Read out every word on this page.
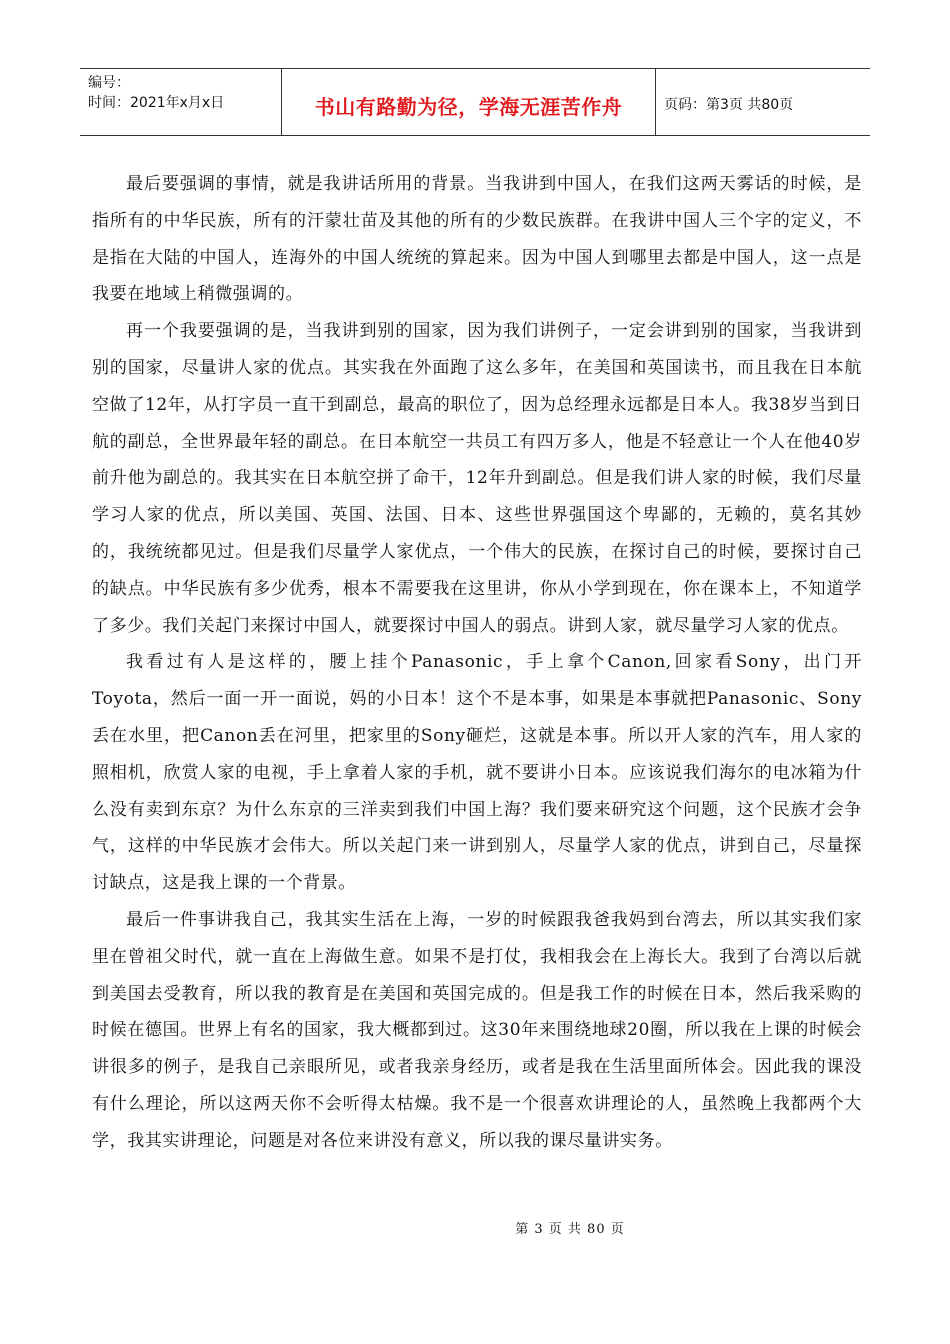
编号：
时间：2021年x月x日	书山有路勤为径，学海无涯苦作舟	页码：第3页 共80页

最后要强调的事情，就是我讲话所用的背景。当我讲到中国人，在我们这两天雾话的时候，是指所有的中华民族，所有的汗蒙壮苗及其他的所有的少数民族群。在我讲中国人三个字的定义，不是指在大陆的中国人，连海外的中国人统统的算起来。因为中国人到哪里去都是中国人，这一点是我要在地域上稍微强调的。

再一个我要强调的是，当我讲到别的国家，因为我们讲例子，一定会讲到别的国家，当我讲到别的国家，尽量讲人家的优点。其实我在外面跑了这么多年，在美国和英国读书，而且我在日本航空做了12年，从打字员一直干到副总，最高的职位了，因为总经理永远都是日本人。我38岁当到日航的副总，全世界最年轻的副总。在日本航空一共员工有四万多人，他是不轻意让一个人在他40岁前升他为副总的。我其实在日本航空拼了命干，12年升到副总。但是我们讲人家的时候，我们尽量学习人家的优点，所以美国、英国、法国、日本、这些世界强国这个卑鄙的，无赖的，莫名其妙的，我统统都见过。但是我们尽量学人家优点，一个伟大的民族，在探讨自己的时候，要探讨自己的缺点。中华民族有多少优秀，根本不需要我在这里讲，你从小学到现在，你在课本上，不知道学了多少。我们关起门来探讨中国人，就要探讨中国人的弱点。讲到人家，就尽量学习人家的优点。

我看过有人是这样的，腰上挂个Panasonic，手上拿个Canon,回家看Sony，出门开Toyota，然后一面一开一面说，妈的小日本！这个不是本事，如果是本事就把Panasonic、Sony丢在水里，把Canon丢在河里，把家里的Sony砸烂，这就是本事。所以开人家的汽车，用人家的照相机，欣赏人家的电视，手上拿着人家的手机，就不要讲小日本。应该说我们海尔的电冰箱为什么没有卖到东京？为什么东京的三洋卖到我们中国上海？我们要来研究这个问题，这个民族才会争气，这样的中华民族才会伟大。所以关起门来一讲到别人，尽量学人家的优点，讲到自己，尽量探讨缺点，这是我上课的一个背景。

最后一件事讲我自己，我其实生活在上海，一岁的时候跟我爸我妈到台湾去，所以其实我们家里在曾祖父时代，就一直在上海做生意。如果不是打仗，我相我会在上海长大。我到了台湾以后就到美国去受教育，所以我的教育是在美国和英国完成的。但是我工作的时候在日本，然后我采购的时候在德国。世界上有名的国家，我大概都到过。这30年来围绕地球20圈，所以我在上课的时候会讲很多的例子，是我自己亲眼所见，或者我亲身经历，或者是我在生活里面所体会。因此我的课没有什么理论，所以这两天你不会听得太枯燥。我不是一个很喜欢讲理论的人，虽然晚上我都两个大学，我其实讲理论，问题是对各位来讲没有意义，所以我的课尽量讲实务。

第 3 页 共 80 页
